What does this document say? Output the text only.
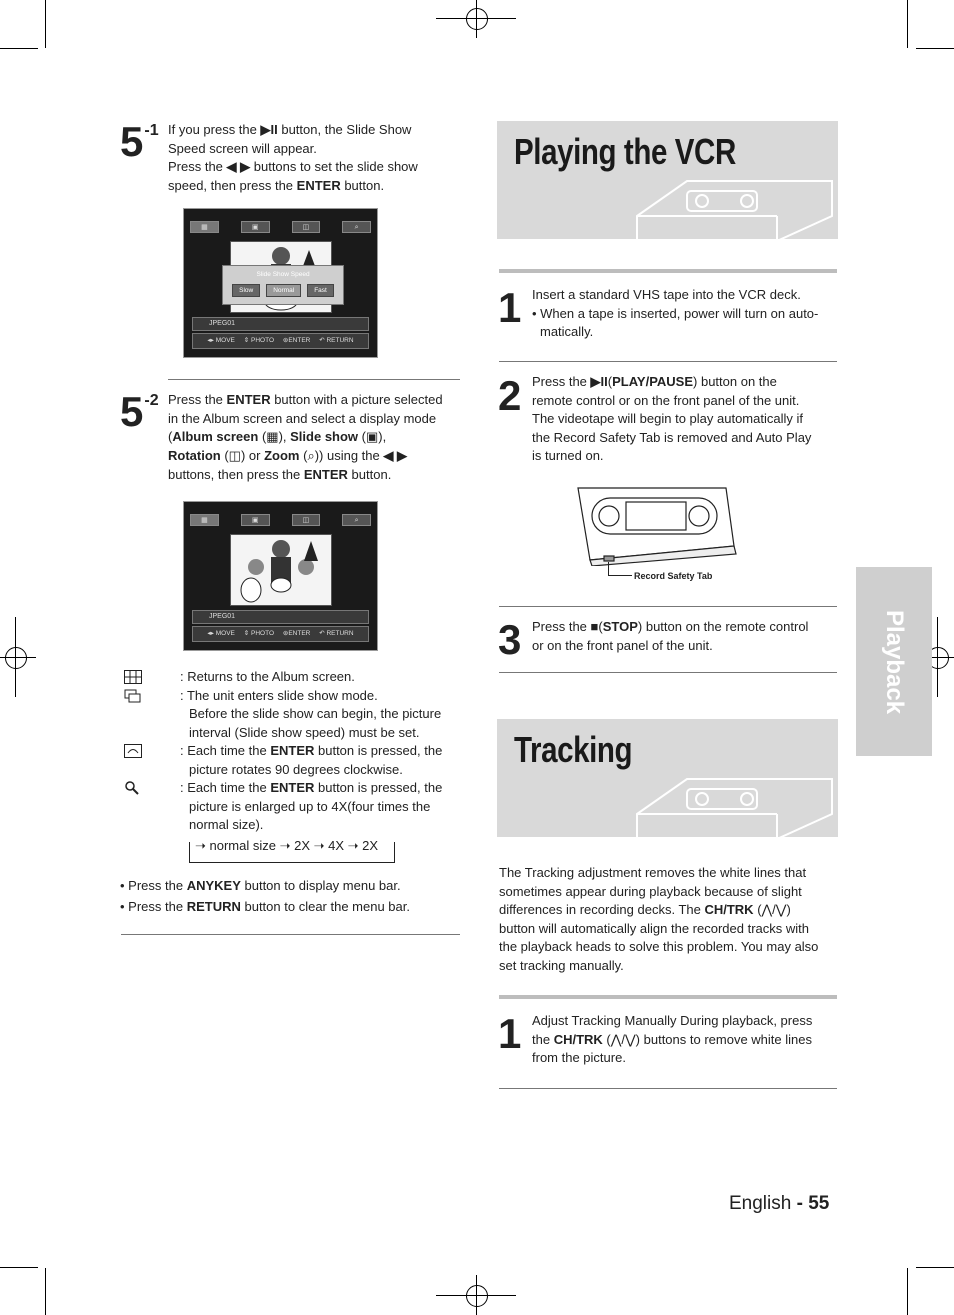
$5^{-1}$ If you press the ▶II button, the Slide Show
Speed screen will appear.
Press the ◀ ▶ buttons to set the slide show
speed, then press the ENTER button.
▦	▣	◫	⌕
Slide Show Speed
Slow	Normal	Fast
JPEG01
◂▸ MOVE ⇕ PHOTO ⊛ENTER ↶ RETURN
$5^{-2}$ Press the ENTER button with a picture selected
in the Album screen and select a display mode
(Album screen (▦), Slide show (▣),
Rotation (◫) or Zoom (⌕)) using the ◀ ▶
buttons, then press the ENTER button.
▦	▣	◫	⌕
JPEG01
◂▸ MOVE ⇕ PHOTO ⊛ENTER ↶ RETURN
: Returns to the Album screen.
: The unit enters slide show mode.
Before the slide show can begin, the picture
interval (Slide show speed) must be set.
: Each time the ENTER button is pressed, the
picture rotates 90 degrees clockwise.
: Each time the ENTER button is pressed, the
picture is enlarged up to 4X(four times the
normal size).
➝ normal size ➝ 2X ➝ 4X ➝ 2X
• Press the ANYKEY button to display menu bar.
• Press the RETURN button to clear the menu bar.
Playing the VCR
1 Insert a standard VHS tape into the VCR deck.
• When a tape is inserted, power will turn on auto-
matically.
2 Press the ▶II(PLAY/PAUSE) button on the
remote control or on the front panel of the unit.
The videotape will begin to play automatically if
the Record Safety Tab is removed and Auto Play
is turned on.
Record Safety Tab
3 Press the ■(STOP) button on the remote control
or on the front panel of the unit.
Tracking
The Tracking adjustment removes the white lines that
sometimes appear during playback because of slight
differences in recording decks. The CH/TRK (⋀/⋁)
button will automatically align the recorded tracks with
the playback heads to solve this problem. You may also
set tracking manually.
1 Adjust Tracking Manually During playback, press
the CH/TRK (⋀/⋁) buttons to remove white lines
from the picture.
Playback
English - 55
